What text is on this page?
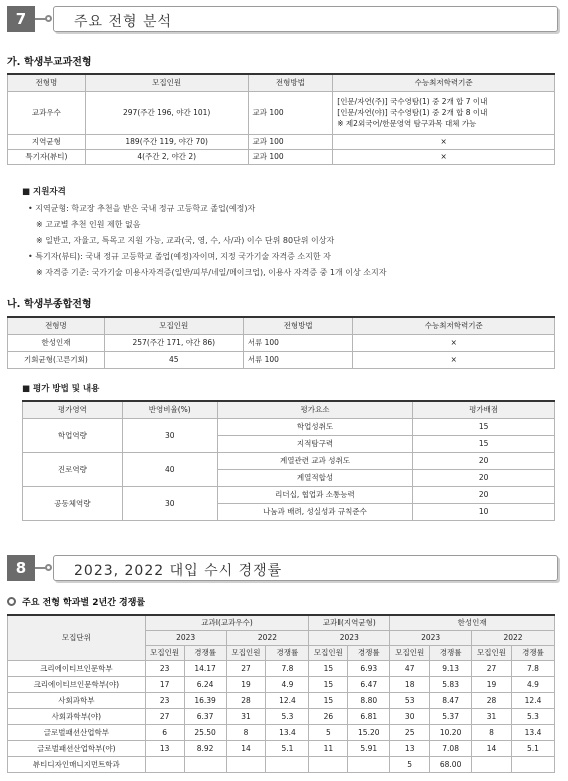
7	주요 전형 분석
가. 학생부교과전형
전형명	모집인원	전형방법	수능최저학력기준
교과우수	297(주간 196, 야간 101)	교과 100	[인문/자연(주)] 국수영탐(1) 중 2개 합 7 이내
[인문/자연(야)] 국수영탐(1) 중 2개 합 8 이내
※ 제2외국어/한문영역 탐구과목 대체 가능

지역균형	189(주간 119, 야간 70)	교과 100	×
특기자(뷰티)	4(주간 2, 야간 2)	교과 100	×
■ 지원자격
• 지역균형: 학교장 추천을 받은 국내 정규 고등학교 졸업(예정)자
※ 고교별 추천 인원 제한 없음
※ 일반고, 자율고, 특목고 지원 가능, 교과(국, 영, 수, 사/과) 이수 단위 80단위 이상자
• 특기자(뷰티): 국내 정규 고등학교 졸업(예정)자이며, 지정 국가기술 자격증 소지한 자
※ 자격증 기준: 국가기술 미용사자격증(일반/피부/네일/메이크업), 이용사 자격증 중 1개 이상 소지자
나. 학생부종합전형
전형명	모집인원	전형방법	수능최저학력기준
한성인재	257(주간 171, 야간 86)	서류 100	×
기회균형(고른기회)	45	서류 100	×
■ 평가 방법 및 내용
평가영역	반영비율(%)	평가요소	평가배점
학업역량	30	학업성취도	15
		지적탐구력	15
진로역량	40	계열관련 교과 성취도	20
		계열적합성	20
공동체역량	30	리더십, 협업과 소통능력	20
		나눔과 배려, 성실성과 규칙준수	10
8	2023, 2022 대입 수시 경쟁률
주요 전형 학과별 2년간 경쟁률
모집단위	교과Ⅰ(교과우수)				교과Ⅱ(지역균형)		한성인재			
	2023		2022		2023		2023		2022	
	모집인원	경쟁률	모집인원	경쟁률	모집인원	경쟁률	모집인원	경쟁률	모집인원	경쟁률
크리에이티브인문학부	23	14.17	27	7.8	15	6.93	47	9.13	27	7.8
크리에이티브인문학부(야)	17	6.24	19	4.9	15	6.47	18	5.83	19	4.9
사회과학부	23	16.39	28	12.4	15	8.80	53	8.47	28	12.4
사회과학부(야)	27	6.37	31	5.3	26	6.81	30	5.37	31	5.3
글로벌패션산업학부	6	25.50	8	13.4	5	15.20	25	10.20	8	13.4
글로벌패션산업학부(야)	13	8.92	14	5.1	11	5.91	13	7.08	14	5.1
뷰티디자인매니지먼트학과							5	68.00		
